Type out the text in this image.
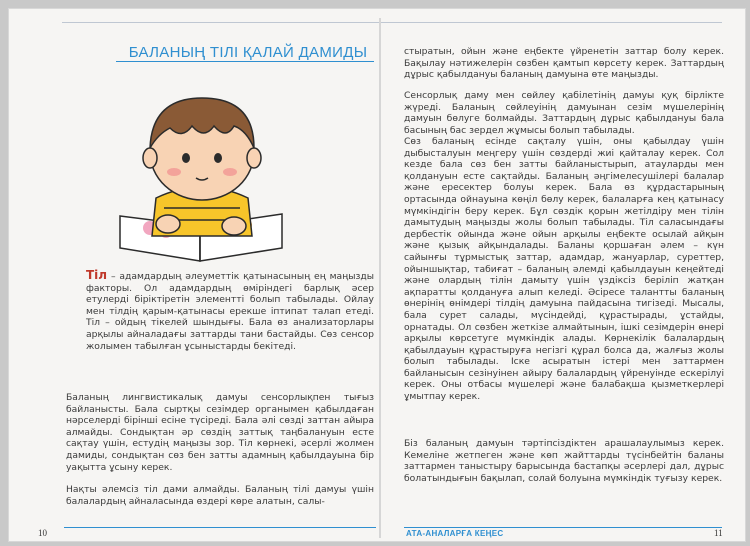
БАЛАНЫҢ ТІЛІ ҚАЛАЙ ДАМИДЫ
Тіл – адамдардың әлеуметтік қатынасының ең маңызды факторы. Ол адамдардың өміріндегі барлық әсер етулерді біріктіретін элементті болып табылады. Ойлау мен тілдің қарым-қатынасы ерекше іптипат талап етеді. Тіл – ойдың тікелей шындығы. Бала өз анализаторлары арқылы айналадағы заттарды тани бастайды. Сөз сенсор жолымен табылған ұсыныстарды бекітеді.
Баланың лингвистикалық дамуы сенсорлықпен тығыз байланысты. Бала сыртқы сезімдер органымен қабылдаған нәрселерді бірінші есіне түсіреді. Бала әлі сөзді заттан айыра алмайды. Сондықтан әр сөздің заттық таңбалануын есте сақтау үшін, естудің маңызы зор. Тіл көрнекі, әсерлі жолмен дамиды, сондықтан сөз бен затты адамның қабылдауына бір уақытта ұсыну керек.
Нақты әлемсіз тіл дами алмайды. Баланың тілі дамуы үшін балалардың айналасында өздері көре алатын, салы-
стыратын, ойын және еңбекте үйренетін заттар болу керек. Бақылау нәтижелерін сөзбен қамтып көрсету керек. Заттардың дұрыс қабылдануы баланың дамуына өте маңызды.
Сенсорлық даму мен сөйлеу қабілетінің дамуы қуқ бірлікте жүреді. Баланың сөйлеуінің дамуынан сезім мүшелерінің дамуын бөлуге болмайды. Заттардың дұрыс қабылдануы бала басының бас зердел жұмысы болып табылады.
Сөз баланың есінде сақталу үшін, оны қабылдау үшін дыбысталуын меңгеру үшін сөздерді жиі қайталау керек. Сол кезде бала сөз бен затты байланыстырып, атауларды мен қолдануын есте сақтайды. Баланың әңгімелесушілері балалар және ересектер болуы керек. Бала өз құрдастарының ортасында ойнауына көңіл бөлу керек, балаларға кең қатынасу мүмкіндігін беру керек. Бұл сөздік қорын жетілдіру мен тілін дамытудың маңызды жолы болып табылады. Тіл саласындағы дербестік ойында және ойын арқылы еңбекте осылай айқын және қызық айқындалады. Баланы қоршаған әлем – күн сайынғы тұрмыстық заттар, адамдар, жануарлар, суреттер, ойыншықтар, табиғат – баланың әлемді қабылдауын кеңейтеді және олардың тілін дамыту үшін үздіксіз беріліп жатқан ақпаратты қолдануға алып келеді. Әсіресе талантты баланың өнерінің өнімдері тілдің дамуына пайдасына тигізеді. Мысалы, бала сурет салады, мүсіндейді, құрастырады, ұстайды, орнатады. Ол сөзбен жеткізе алмайтынын, ішкі сезімдерін өнері арқылы көрсетуге мүмкіндік алады. Көрнекілік балалардың қабылдауын құрастыруға негізгі құрал болса да, жалғыз жолы болып табылады. Іске асыратын істері мен заттармен байланысын сезінуінен айыру балалардың үйренуінде ескерілуі керек. Оны отбасы мүшелері және балабақша қызметкерлері ұмытпау керек.
Біз баланың дамуын тәртіпсіздіктен арашалаулымыз керек. Кемеліне жетпеген және көп жайттарды түсінбейтін баланы заттармен таныстыру барысында бастапқы әсерлері дал, дұрыс болатындығын бақылап, солай болуына мүмкіндік туғызу керек.
10	АТА-АНАЛАРҒА КЕҢЕС	11
